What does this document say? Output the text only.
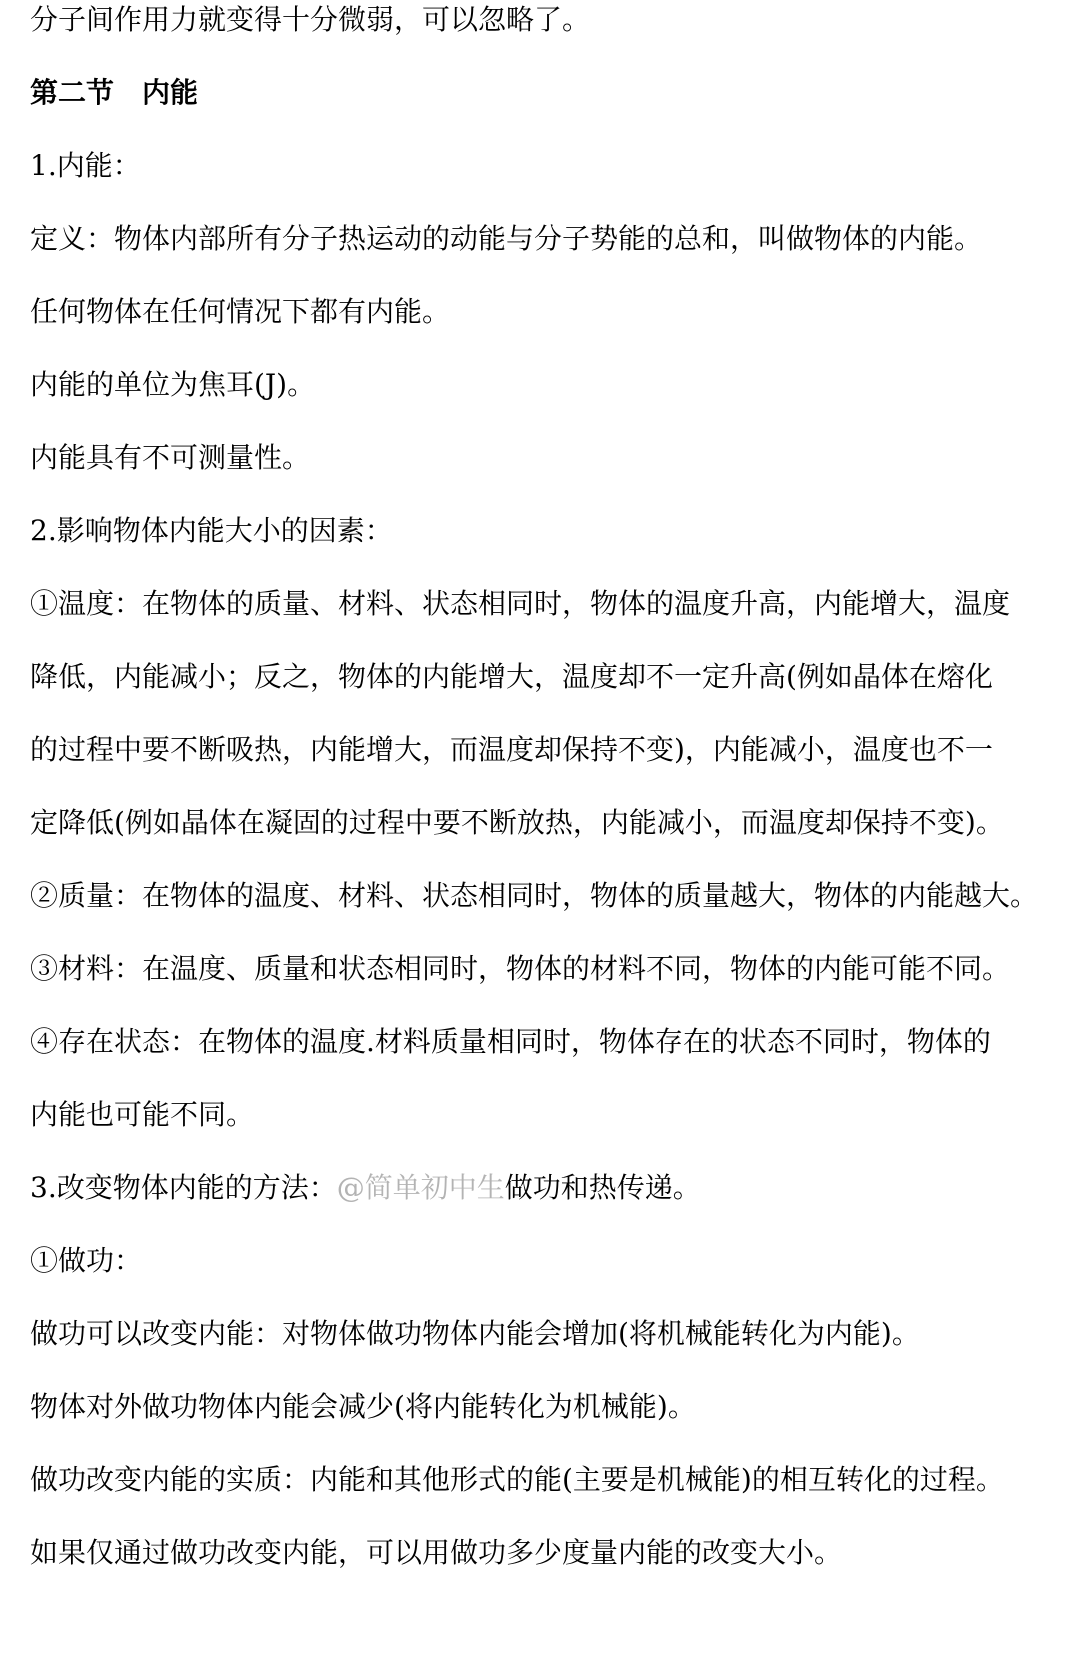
分子间作用力就变得十分微弱，可以忽略了。
第二节　内能
1.内能：
定义：物体内部所有分子热运动的动能与分子势能的总和，叫做物体的内能。
任何物体在任何情况下都有内能。
内能的单位为焦耳(J)。
内能具有不可测量性。
2.影响物体内能大小的因素：
①温度：在物体的质量、材料、状态相同时，物体的温度升高，内能增大，温度
降低，内能减小；反之，物体的内能增大，温度却不一定升高(例如晶体在熔化
的过程中要不断吸热，内能增大，而温度却保持不变)，内能减小，温度也不一
定降低(例如晶体在凝固的过程中要不断放热，内能减小，而温度却保持不变)。
②质量：在物体的温度、材料、状态相同时，物体的质量越大，物体的内能越大。
③材料：在温度、质量和状态相同时，物体的材料不同，物体的内能可能不同。
④存在状态：在物体的温度.材料质量相同时，物体存在的状态不同时，物体的
内能也可能不同。
3.改变物体内能的方法：@简单初中生做功和热传递。
①做功：
做功可以改变内能：对物体做功物体内能会增加(将机械能转化为内能)。
物体对外做功物体内能会减少(将内能转化为机械能)。
做功改变内能的实质：内能和其他形式的能(主要是机械能)的相互转化的过程。
如果仅通过做功改变内能，可以用做功多少度量内能的改变大小。
